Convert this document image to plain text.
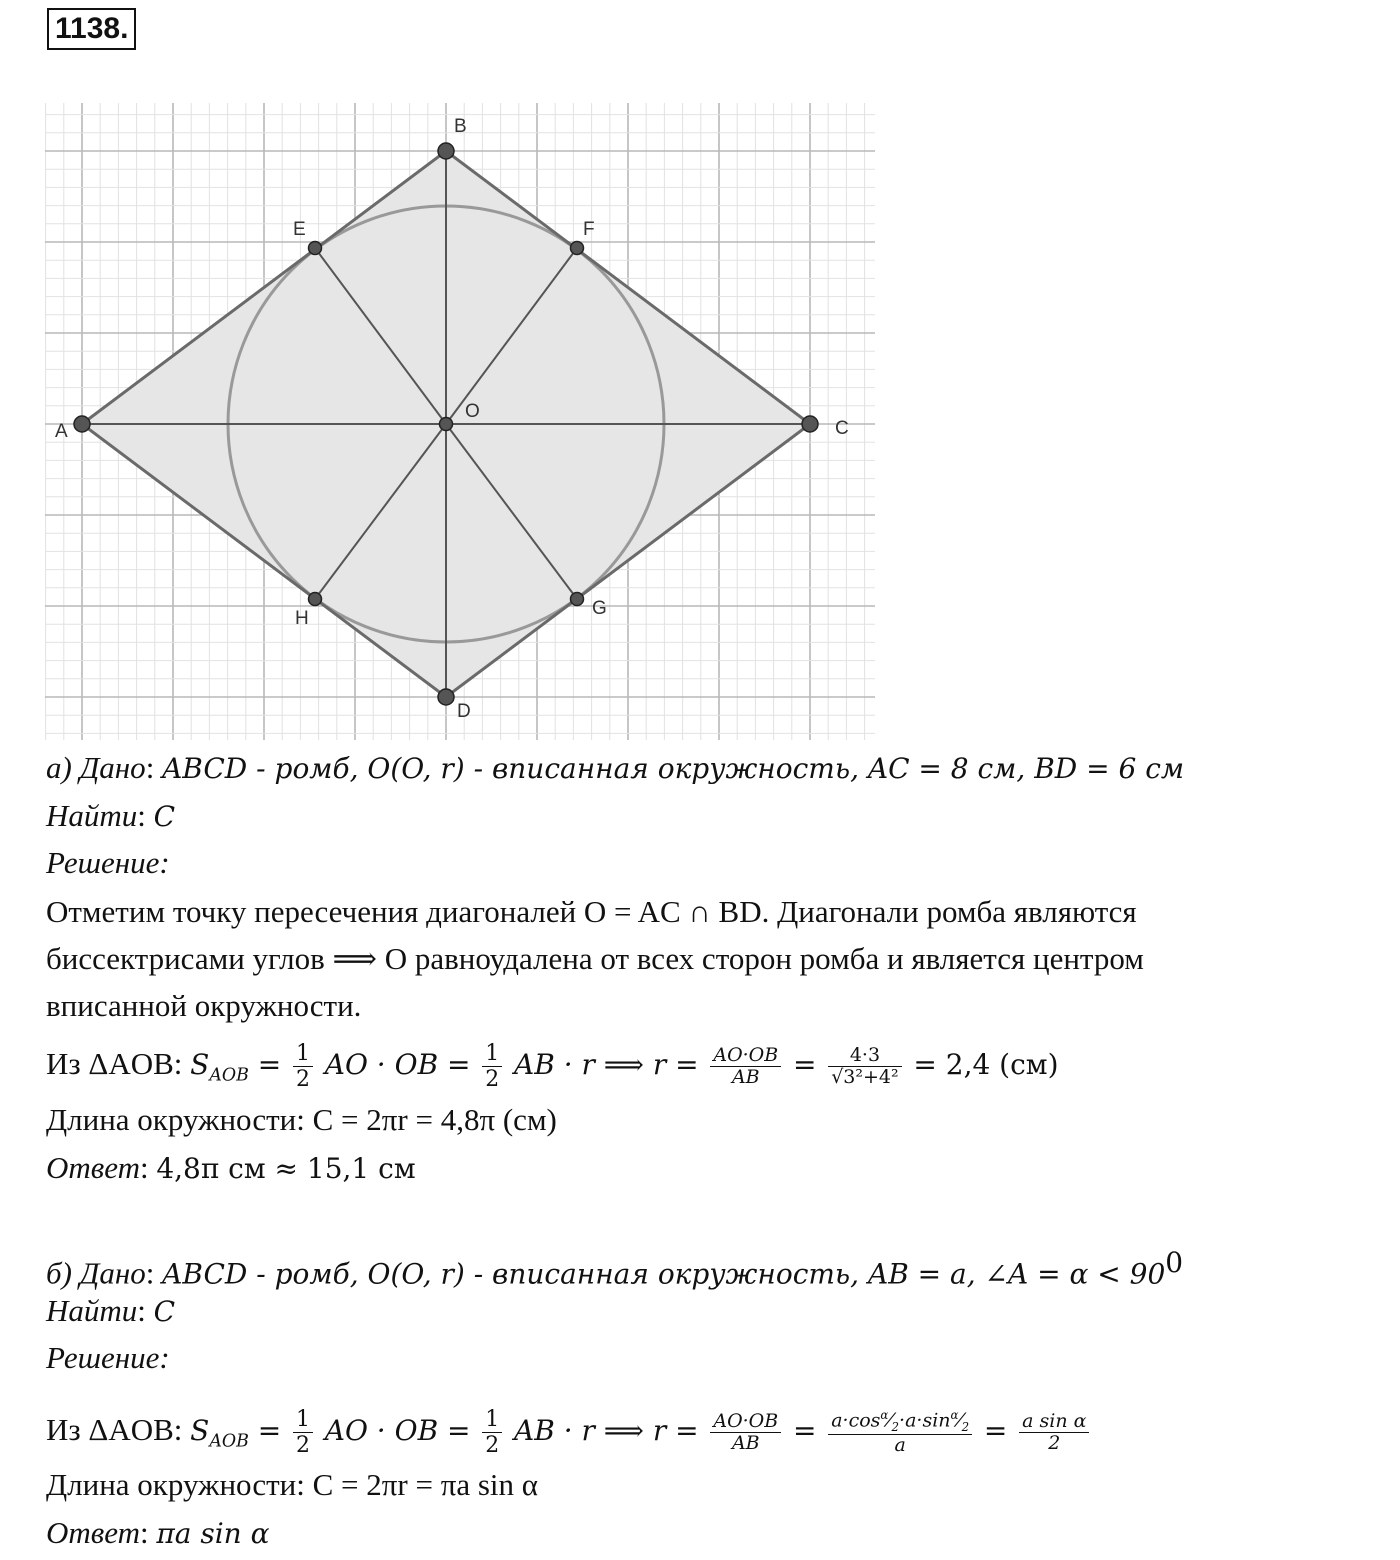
1138.
A
B
C
D
E	F
G
H
O
а) Дано: ABCD - ромб, O(O, r) - вписанная окружность, AC = 8 см, BD = 6 см
Найти: C
Решение:
Отметим точку пересечения диагоналей O = AC ∩ BD. Диагонали ромба являются
биссектрисами углов ⟹ O равноудалена от всех сторон ромба и является центром
вписанной окружности.
Из ΔAOB: $S_{AOB} = \frac{1}{2}$ AO · OB = $\frac{1}{2}$ AB · r ⟹ $r = \frac{AO\cdot OB}{AB} = \frac{4\cdot 3}{\text{√3²+4²}} = 2,4$ (см)
Длина окружности: C = 2πr = 4,8π (см)
Ответ: 4,8π см ≈ 15,1 см
б) Дано: ABCD - ромб, O(O, r) - вписанная окружность, AB = a, ∠A = $\alpha < 90^0$
Найти: C
Решение:
Из ΔAOB: $S_{AOB} = \frac{1}{2}$ AO · OB = $\frac{1}{2}$ AB · r ⟹ $r = \frac{AO\cdot OB}{AB} = \frac{a\cdot\cos^\alpha⁄_2\cdot a\cdot\sin^\alpha⁄_2}{a} = \frac{\text{a sin α}}{2}$
Длина окружности: C = 2πr = πa sin α
Ответ: πa sin α
